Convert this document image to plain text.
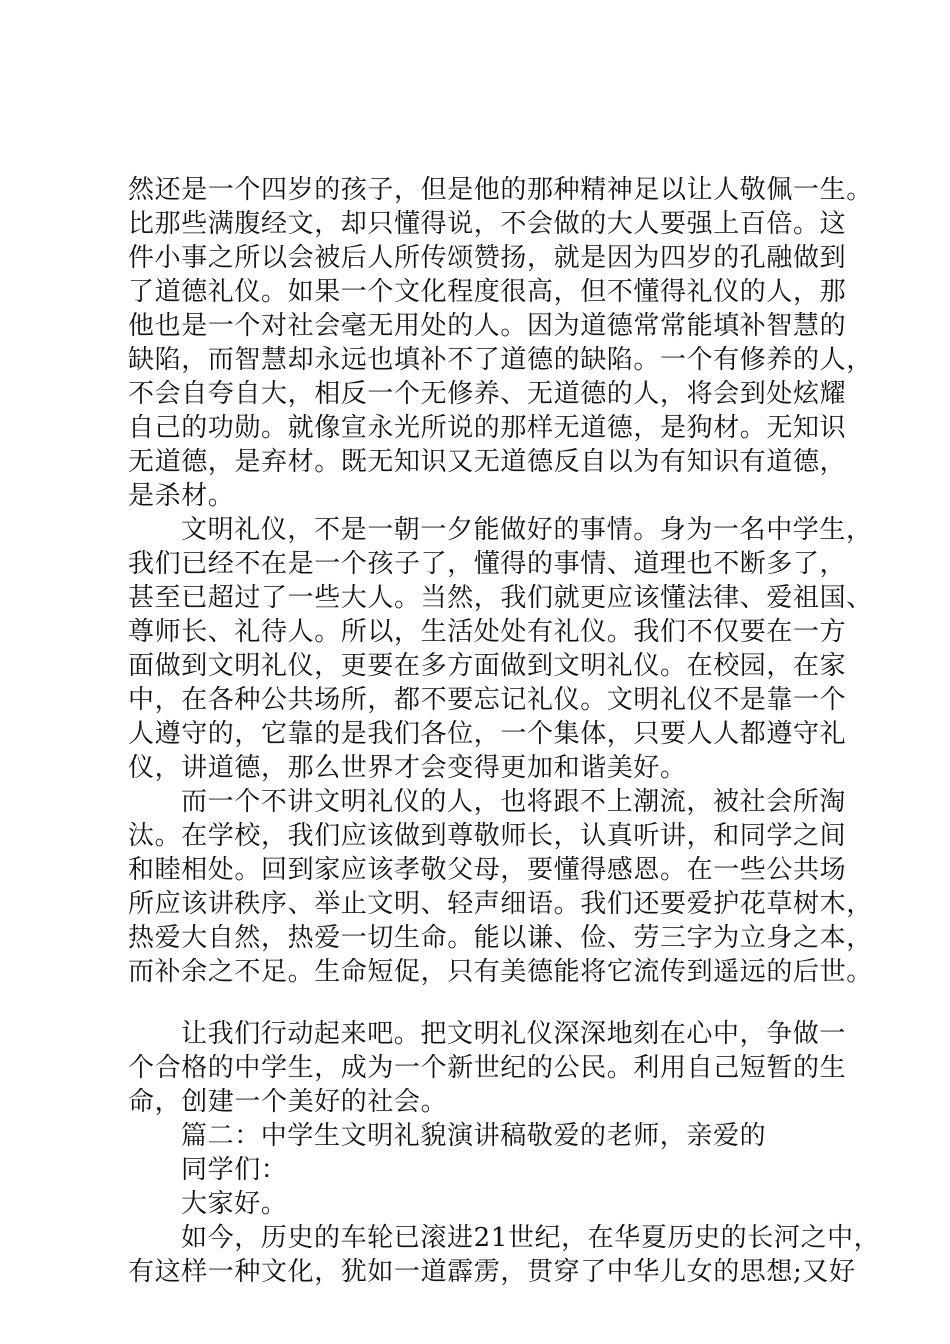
然还是一个四岁的孩子，但是他的那种精神足以让人敬佩一生。
比那些满腹经文，却只懂得说，不会做的大人要强上百倍。这
件小事之所以会被后人所传颂赞扬，就是因为四岁的孔融做到
了道德礼仪。如果一个文化程度很高，但不懂得礼仪的人，那
他也是一个对社会毫无用处的人。因为道德常常能填补智慧的
缺陷，而智慧却永远也填补不了道德的缺陷。一个有修养的人，
不会自夸自大，相反一个无修养、无道德的人，将会到处炫耀
自己的功勋。就像宣永光所说的那样无道德，是狗材。无知识
无道德，是弃材。既无知识又无道德反自以为有知识有道德，
是杀材。
文明礼仪，不是一朝一夕能做好的事情。身为一名中学生，
我们已经不在是一个孩子了，懂得的事情、道理也不断多了，
甚至已超过了一些大人。当然，我们就更应该懂法律、爱祖国、
尊师长、礼待人。所以，生活处处有礼仪。我们不仅要在一方
面做到文明礼仪，更要在多方面做到文明礼仪。在校园，在家
中，在各种公共场所，都不要忘记礼仪。文明礼仪不是靠一个
人遵守的，它靠的是我们各位，一个集体，只要人人都遵守礼
仪，讲道德，那么世界才会变得更加和谐美好。
而一个不讲文明礼仪的人，也将跟不上潮流，被社会所淘
汰。在学校，我们应该做到尊敬师长，认真听讲，和同学之间
和睦相处。回到家应该孝敬父母，要懂得感恩。在一些公共场
所应该讲秩序、举止文明、轻声细语。我们还要爱护花草树木，
热爱大自然，热爱一切生命。能以谦、俭、劳三字为立身之本，
而补余之不足。生命短促，只有美德能将它流传到遥远的后世。
让我们行动起来吧。把文明礼仪深深地刻在心中，争做一
个合格的中学生，成为一个新世纪的公民。利用自己短暂的生
命，创建一个美好的社会。
篇二：中学生文明礼貌演讲稿敬爱的老师，亲爱的
同学们：
大家好。
如今，历史的车轮已滚进21世纪，在华夏历史的长河之中，
有这样一种文化，犹如一道霹雳，贯穿了中华儿女的思想;又好
